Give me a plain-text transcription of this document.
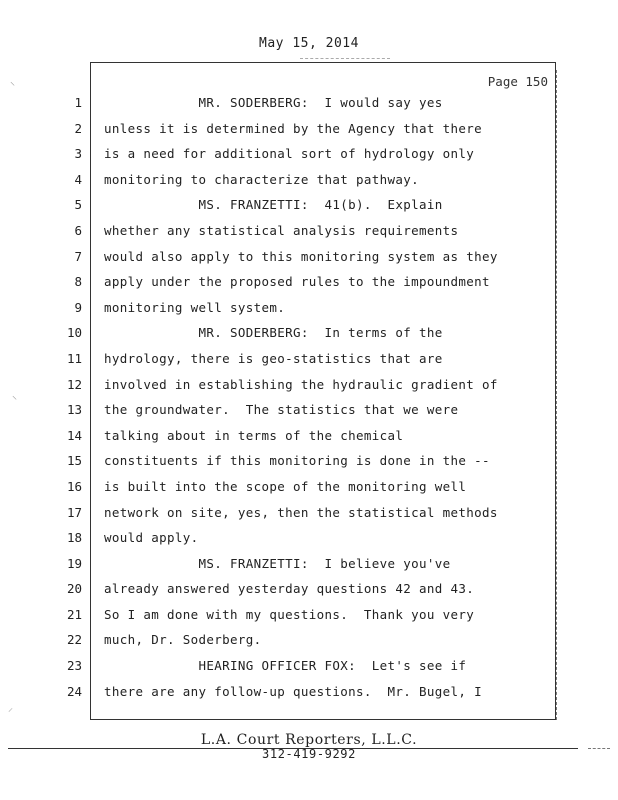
May 15, 2014
Page 150
1
2
3
4
5
6
7
8
9
10
11
12
13
14
15
16
17
18
19
20
21
22
23
24
MR. SODERBERG:  I would say yes
unless it is determined by the Agency that there
is a need for additional sort of hydrology only
monitoring to characterize that pathway.
MS. FRANZETTI:  41(b).  Explain
whether any statistical analysis requirements
would also apply to this monitoring system as they
apply under the proposed rules to the impoundment
monitoring well system.
MR. SODERBERG:  In terms of the
hydrology, there is geo-statistics that are
involved in establishing the hydraulic gradient of
the groundwater.  The statistics that we were
talking about in terms of the chemical
constituents if this monitoring is done in the --
is built into the scope of the monitoring well
network on site, yes, then the statistical methods
would apply.
MS. FRANZETTI:  I believe you've
already answered yesterday questions 42 and 43.
So I am done with my questions.  Thank you very
much, Dr. Soderberg.
HEARING OFFICER FOX:  Let's see if
there are any follow-up questions.  Mr. Bugel, I
⸌
⸌
⸝
L.A. Court Reporters, L.L.C.
312-419-9292
